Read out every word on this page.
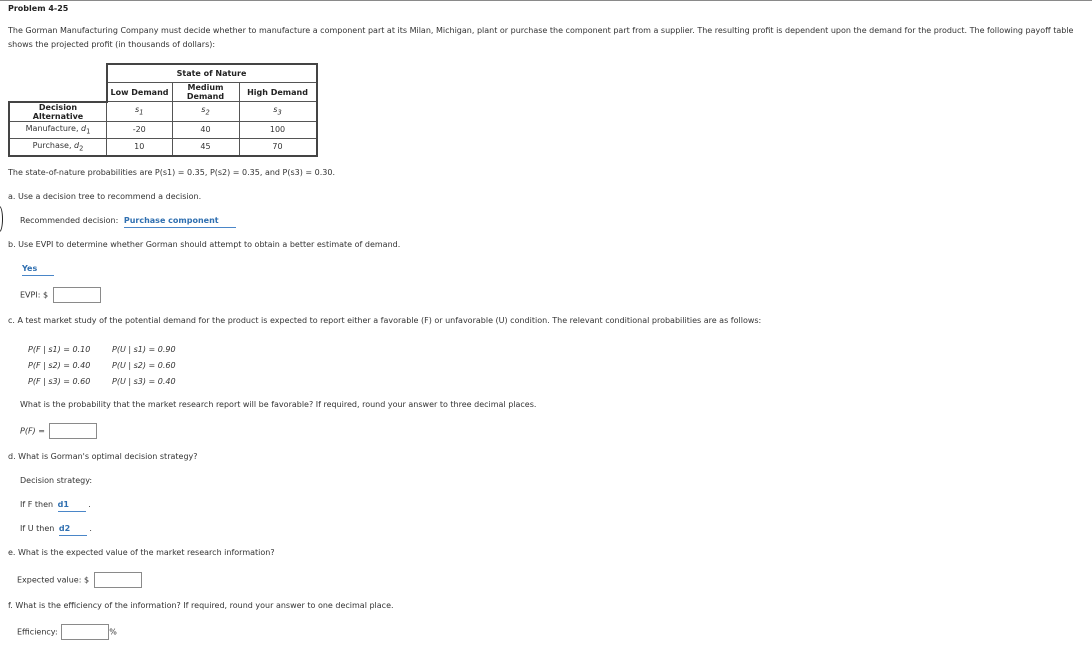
Problem 4-25
The Gorman Manufacturing Company must decide whether to manufacture a component part at its Milan, Michigan, plant or purchase the component part from a supplier. The resulting profit is dependent upon the demand for the product. The following payoff table shows the projected profit (in thousands of dollars):
	State of Nature		
	Low Demand	Medium Demand	High Demand
Decision Alternative	$s_1$	$s_2$	$s_3$
Manufacture, $d_1$	-20	40	100
Purchase, $d_2$	10	45	70
The state-of-nature probabilities are P(s1) = 0.35, P(s2) = 0.35, and P(s3) = 0.30.
a. Use a decision tree to recommend a decision.
Recommended decision: Purchase component
b. Use EVPI to determine whether Gorman should attempt to obtain a better estimate of demand.
Yes
EVPI: $
c. A test market study of the potential demand for the product is expected to report either a favorable (F) or unfavorable (U) condition. The relevant conditional probabilities are as follows:
P(F | s1) = 0.10
P(F | s2) = 0.40
P(F | s3) = 0.60
P(U | s1) = 0.90
P(U | s2) = 0.60
P(U | s3) = 0.40
What is the probability that the market research report will be favorable? If required, round your answer to three decimal places.
P(F) =
d. What is Gorman's optimal decision strategy?
Decision strategy:
If F then d1 .
If U then d2 .
e. What is the expected value of the market research information?
Expected value: $
f. What is the efficiency of the information? If required, round your answer to one decimal place.
Efficiency:	%
